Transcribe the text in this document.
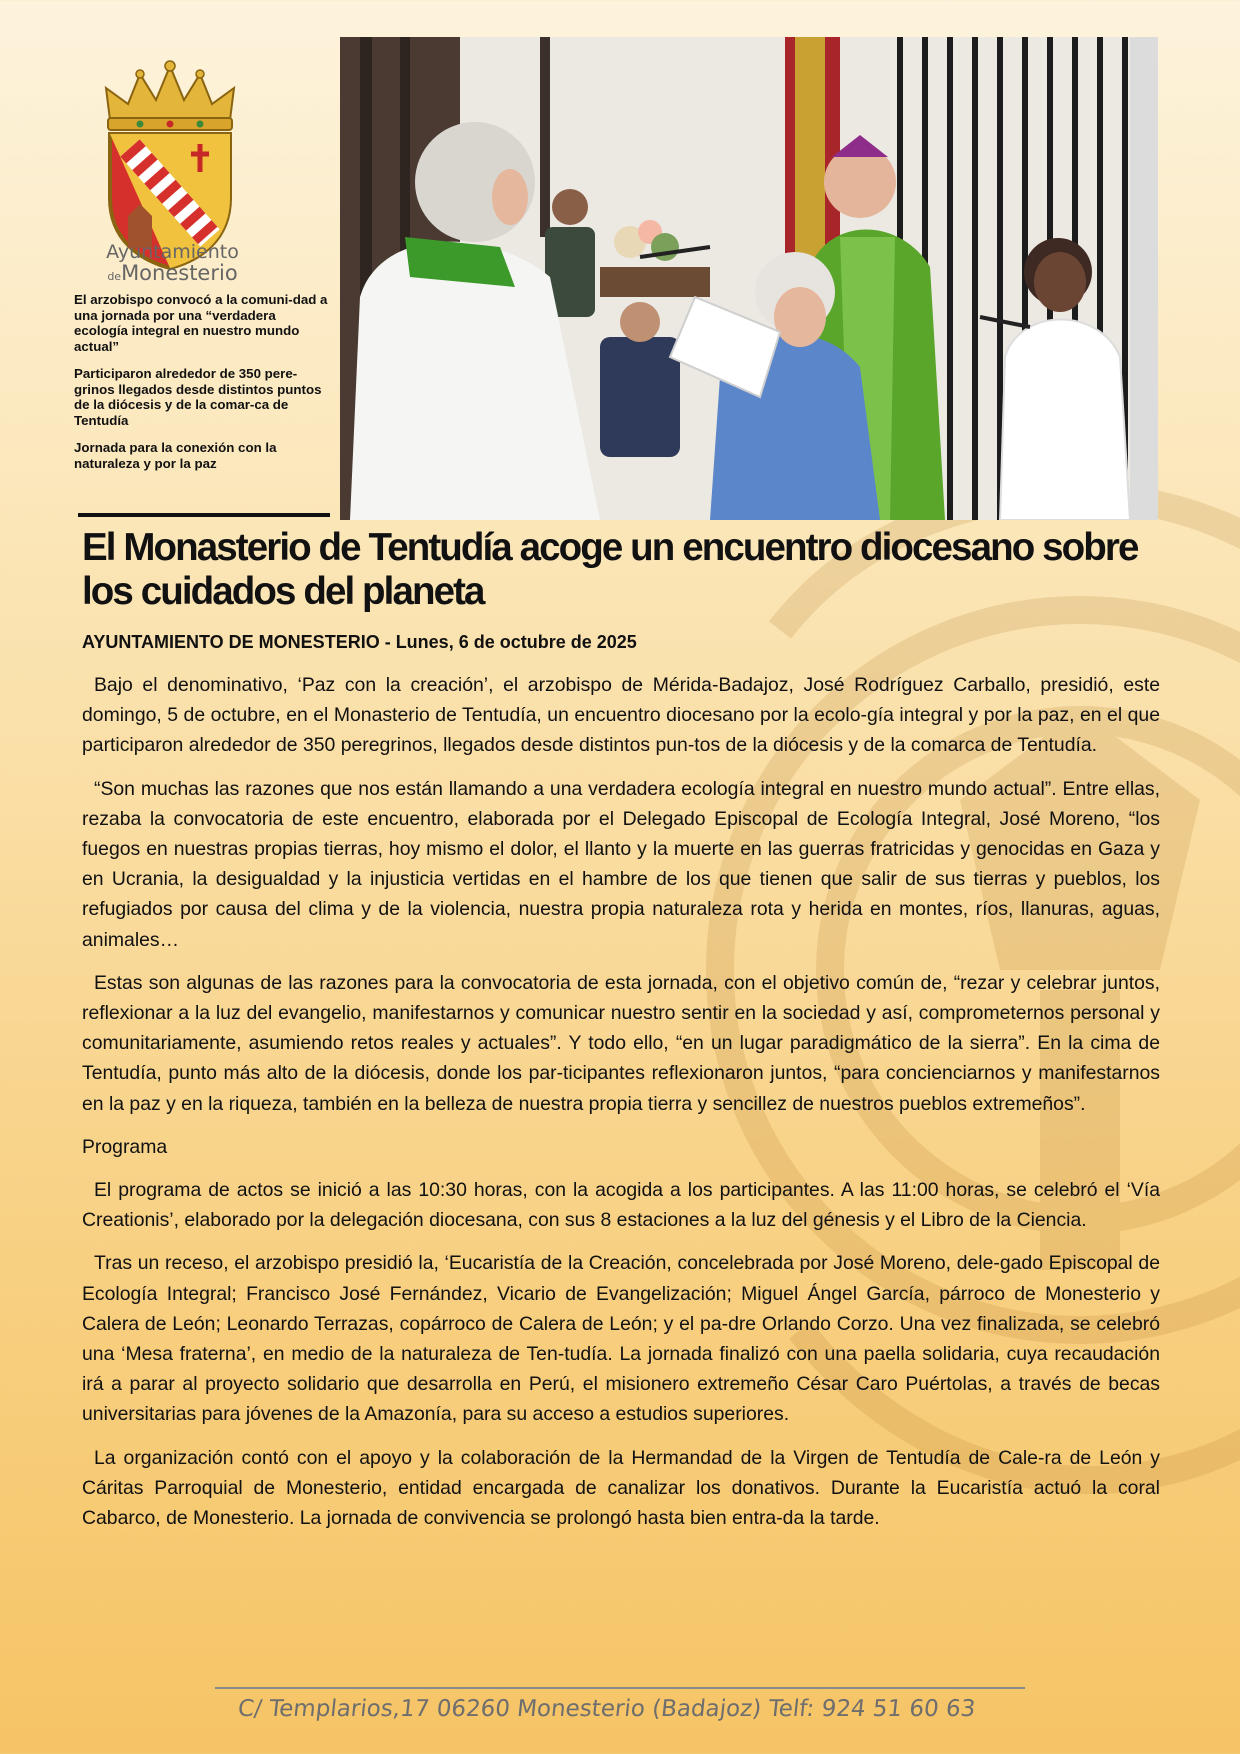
Ayuntamiento
deMonesterio

El arzobispo convocó a la comuni-dad a una jornada por una “verdadera ecología integral en nuestro mundo actual”

Participaron alrededor de 350 pere-grinos llegados desde distintos puntos de la diócesis y de la comar-ca de Tentudía

Jornada para la conexión con la naturaleza y por la paz

El Monasterio de Tentudía acoge un encuentro diocesano sobre los cuidados del planeta
AYUNTAMIENTO DE MONESTERIO - Lunes, 6 de octubre de 2025

Bajo el denominativo, ‘Paz con la creación’, el arzobispo de Mérida-Badajoz, José Rodríguez Carballo, presidió, este domingo, 5 de octubre, en el Monasterio de Tentudía, un encuentro diocesano por la ecolo-gía integral y por la paz, en el que participaron alrededor de 350 peregrinos, llegados desde distintos pun-tos de la diócesis y de la comarca de Tentudía.

“Son muchas las razones que nos están llamando a una verdadera ecología integral en nuestro mundo actual”. Entre ellas, rezaba la convocatoria de este encuentro, elaborada por el Delegado Episcopal de Ecología Integral, José Moreno, “los fuegos en nuestras propias tierras, hoy mismo el dolor, el llanto y la muerte en las guerras fratricidas y genocidas en Gaza y en Ucrania, la desigualdad y la injusticia vertidas en el hambre de los que tienen que salir de sus tierras y pueblos, los refugiados por causa del clima y de la violencia, nuestra propia naturaleza rota y herida en montes, ríos, llanuras, aguas, animales…

Estas son algunas de las razones para la convocatoria de esta jornada, con el objetivo común de, “rezar y celebrar juntos, reflexionar a la luz del evangelio, manifestarnos y comunicar nuestro sentir en la sociedad y así, comprometernos personal y comunitariamente, asumiendo retos reales y actuales”. Y todo ello, “en un lugar paradigmático de la sierra”. En la cima de Tentudía, punto más alto de la diócesis, donde los par-ticipantes reflexionaron juntos, “para concienciarnos y manifestarnos en la paz y en la riqueza, también en la belleza de nuestra propia tierra y sencillez de nuestros pueblos extremeños”.

Programa

El programa de actos se inició a las 10:30 horas, con la acogida a los participantes. A las 11:00 horas, se celebró el ‘Vía Creationis’, elaborado por la delegación diocesana, con sus 8 estaciones a la luz del génesis y el Libro de la Ciencia.

Tras un receso, el arzobispo presidió la, ‘Eucaristía de la Creación, concelebrada por José Moreno, dele-gado Episcopal de Ecología Integral; Francisco José Fernández, Vicario de Evangelización; Miguel Ángel García, párroco de Monesterio y Calera de León; Leonardo Terrazas, copárroco de Calera de León; y el pa-dre Orlando Corzo. Una vez finalizada, se celebró una ‘Mesa fraterna’, en medio de la naturaleza de Ten-tudía. La jornada finalizó con una paella solidaria, cuya recaudación irá a parar al proyecto solidario que desarrolla en Perú, el misionero extremeño César Caro Puértolas, a través de becas universitarias para jóvenes de la Amazonía, para su acceso a estudios superiores.

La organización contó con el apoyo y la colaboración de la Hermandad de la Virgen de Tentudía de Cale-ra de León y Cáritas Parroquial de Monesterio, entidad encargada de canalizar los donativos. Durante la Eucaristía actuó la coral Cabarco, de Monesterio. La jornada de convivencia se prolongó hasta bien entra-da la tarde.

C/ Templarios,17 06260 Monesterio (Badajoz) Telf: 924 51 60 63
